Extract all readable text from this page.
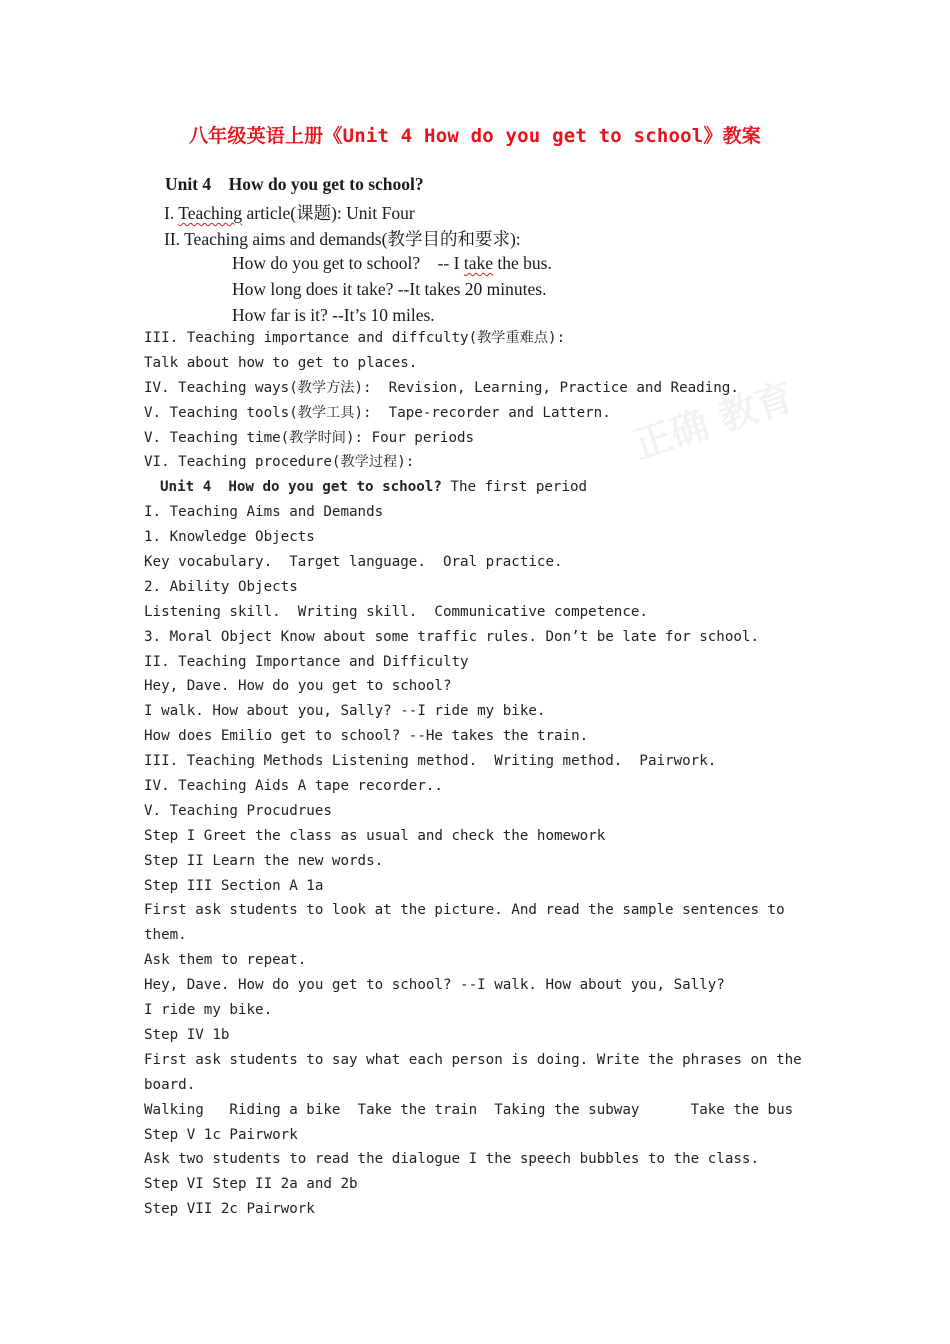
八年级英语上册《Unit 4 How do you get to school》教案
正确 教育
Unit 4    How do you get to school?
I. Teaching article(课题): Unit Four
II. Teaching aims and demands(教学目的和要求):
How do you get to school?    -- I take the bus.
How long does it take? --It takes 20 minutes.
How far is it? --It’s 10 miles.
III. Teaching importance and diffculty(教学重难点):
Talk about how to get to places.
IV. Teaching ways(教学方法):  Revision, Learning, Practice and Reading.
V. Teaching tools(教学工具):  Tape-recorder and Lattern.
V. Teaching time(教学时间): Four periods
VI. Teaching procedure(教学过程):
Unit 4  How do you get to school? The first period
I. Teaching Aims and Demands
1. Knowledge Objects
Key vocabulary.  Target language.  Oral practice.
2. Ability Objects
Listening skill.  Writing skill.  Communicative competence.
3. Moral Object Know about some traffic rules. Don’t be late for school.
II. Teaching Importance and Difficulty
Hey, Dave. How do you get to school?
I walk. How about you, Sally? --I ride my bike.
How does Emilio get to school? --He takes the train.
III. Teaching Methods Listening method.  Writing method.  Pairwork.
IV. Teaching Aids A tape recorder..
V. Teaching Procudrues
Step I Greet the class as usual and check the homework
Step II Learn the new words.
Step III Section A 1a
First ask students to look at the picture. And read the sample sentences to
them.
Ask them to repeat.
Hey, Dave. How do you get to school? --I walk. How about you, Sally?
I ride my bike.
Step IV 1b
First ask students to say what each person is doing. Write the phrases on the
board.
Walking   Riding a bike  Take the train  Taking the subway      Take the bus
Step V 1c Pairwork
Ask two students to read the dialogue I the speech bubbles to the class.
Step VI Step II 2a and 2b
Step VII 2c Pairwork
